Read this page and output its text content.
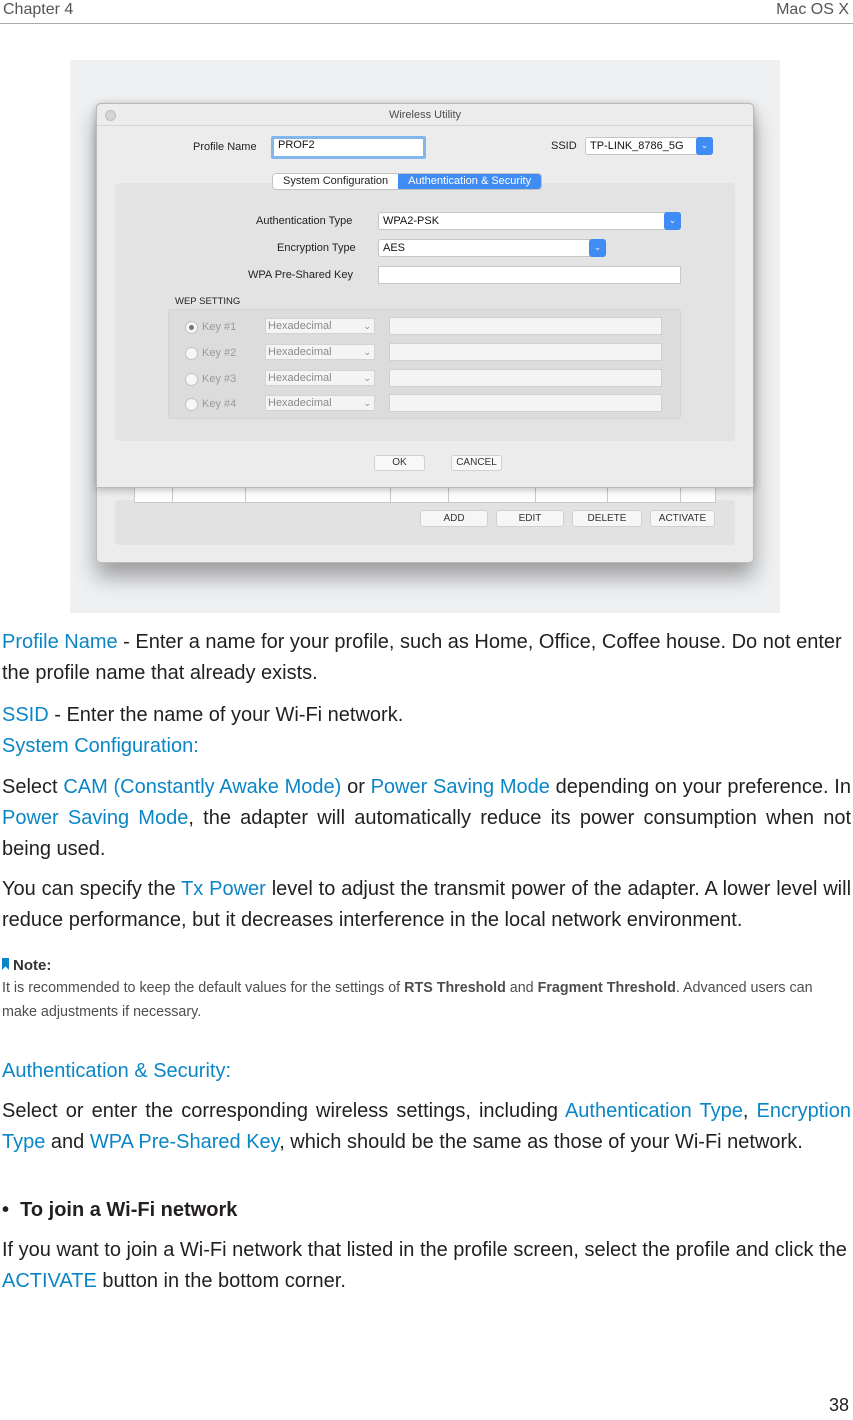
Chapter 4	Mac OS X
ADD	EDIT	DELETE	ACTIVATE
Wireless Utility
Profile Name	PROF2	SSID	TP-LINK_8786_5G	⌄
System Configuration	Authentication & Security
Authentication Type	WPA2-PSK	⌄
Encryption Type	AES	⌄
WPA Pre-Shared Key
WEP SETTING
Key #1	Hexadecimal	⌄
Key #2	Hexadecimal	⌄
Key #3	Hexadecimal	⌄
Key #4	Hexadecimal	⌄
OK	CANCEL

Profile Name - Enter a name for your profile, such as Home, Office, Coffee house. Do not enter the profile name that already exists.

SSID - Enter the name of your Wi-Fi network.

System Configuration:

Select CAM (Constantly Awake Mode) or Power Saving Mode depending on your preference. In Power Saving Mode, the adapter will automatically reduce its power consumption when not being used.

You can specify the Tx Power level to adjust the transmit power of the adapter. A lower level will reduce performance, but it decreases interference in the local network environment.

Note:

It is recommended to keep the default values for the settings of RTS Threshold and Fragment Threshold. Advanced users can make adjustments if necessary.

Authentication & Security:

Select or enter the corresponding wireless settings, including Authentication Type, Encryption Type and WPA Pre-Shared Key, which should be the same as those of your Wi-Fi network.

• To join a Wi-Fi network

If you want to join a Wi-Fi network that listed in the profile screen, select the profile and click the ACTIVATE button in the bottom corner.

38
